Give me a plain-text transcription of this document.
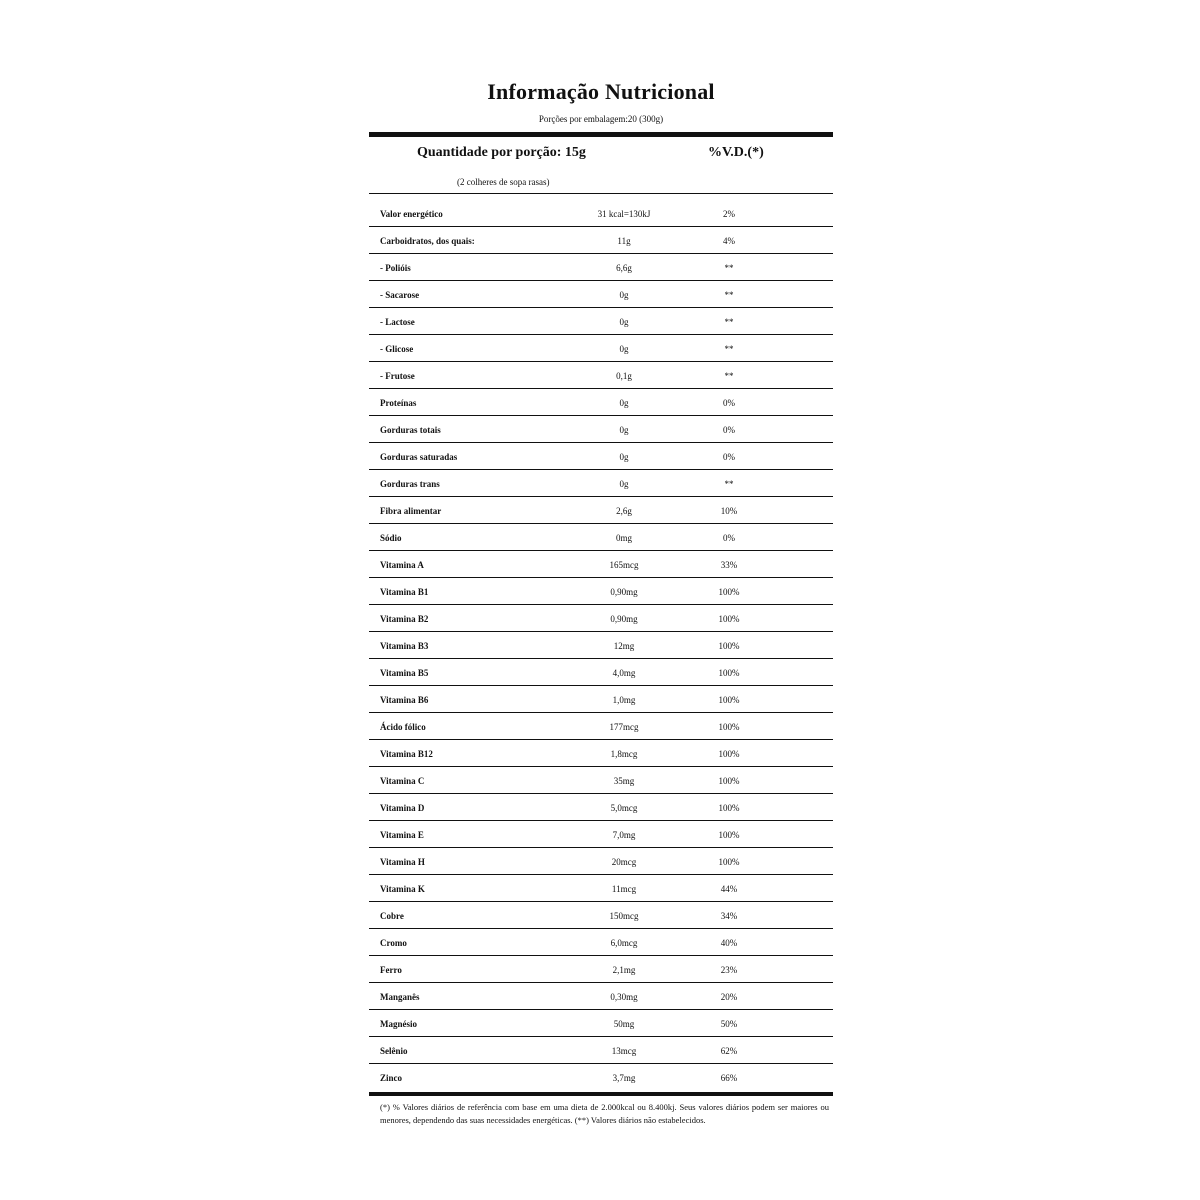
Informação Nutricional
Porções por embalagem:20 (300g)
Quantidade por porção: 15g	%V.D.(*)
(2 colheres de sopa rasas)
Valor energético	31 kcal=130kJ	2%
Carboidratos, dos quais:	11g	4%
- Polióis	6,6g	**
- Sacarose	0g	**
- Lactose	0g	**
- Glicose	0g	**
- Frutose	0,1g	**
Proteínas	0g	0%
Gorduras totais	0g	0%
Gorduras saturadas	0g	0%
Gorduras trans	0g	**
Fibra alimentar	2,6g	10%
Sódio	0mg	0%
Vitamina A	165mcg	33%
Vitamina B1	0,90mg	100%
Vitamina B2	0,90mg	100%
Vitamina B3	12mg	100%
Vitamina B5	4,0mg	100%
Vitamina B6	1,0mg	100%
Ácido fólico	177mcg	100%
Vitamina B12	1,8mcg	100%
Vitamina C	35mg	100%
Vitamina D	5,0mcg	100%
Vitamina E	7,0mg	100%
Vitamina H	20mcg	100%
Vitamina K	11mcg	44%
Cobre	150mcg	34%
Cromo	6,0mcg	40%
Ferro	2,1mg	23%
Manganês	0,30mg	20%
Magnésio	50mg	50%
Selênio	13mcg	62%
Zinco	3,7mg	66%
(*) % Valores diários de referência com base em uma dieta de 2.000kcal ou 8.400kj. Seus valores diários podem ser maiores ou menores, dependendo das suas necessidades energéticas. (**) Valores diários não estabelecidos.
